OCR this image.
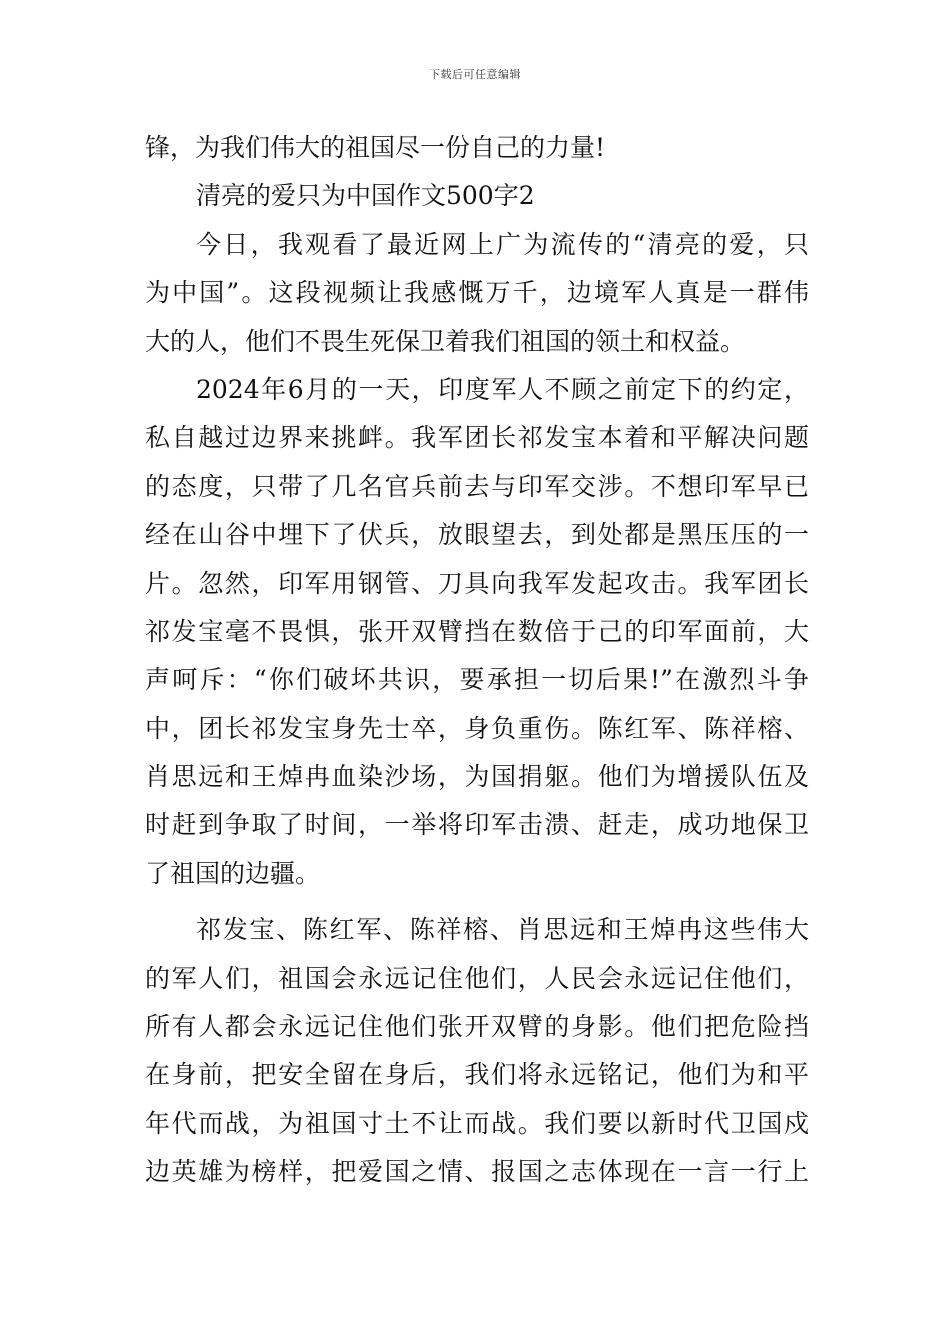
下载后可任意编辑
锋，为我们伟大的祖国尽一份自己的力量!
清亮的爱只为中国作文500字2
今日，我观看了最近网上广为流传的“清亮的爱，只
为中国”。这段视频让我感慨万千，边境军人真是一群伟
大的人，他们不畏生死保卫着我们祖国的领土和权益。
2024年6月的一天，印度军人不顾之前定下的约定，
私自越过边界来挑衅。我军团长祁发宝本着和平解决问题
的态度，只带了几名官兵前去与印军交涉。不想印军早已
经在山谷中埋下了伏兵，放眼望去，到处都是黑压压的一
片。忽然，印军用钢管、刀具向我军发起攻击。我军团长
祁发宝毫不畏惧，张开双臂挡在数倍于己的印军面前，大
声呵斥：“你们破坏共识，要承担一切后果!”在激烈斗争
中，团长祁发宝身先士卒，身负重伤。陈红军、陈祥榕、
肖思远和王焯冉血染沙场，为国捐躯。他们为增援队伍及
时赶到争取了时间，一举将印军击溃、赶走，成功地保卫
了祖国的边疆。
祁发宝、陈红军、陈祥榕、肖思远和王焯冉这些伟大
的军人们，祖国会永远记住他们，人民会永远记住他们，
所有人都会永远记住他们张开双臂的身影。他们把危险挡
在身前，把安全留在身后，我们将永远铭记，他们为和平
年代而战，为祖国寸土不让而战。我们要以新时代卫国戍
边英雄为榜样，把爱国之情、报国之志体现在一言一行上
